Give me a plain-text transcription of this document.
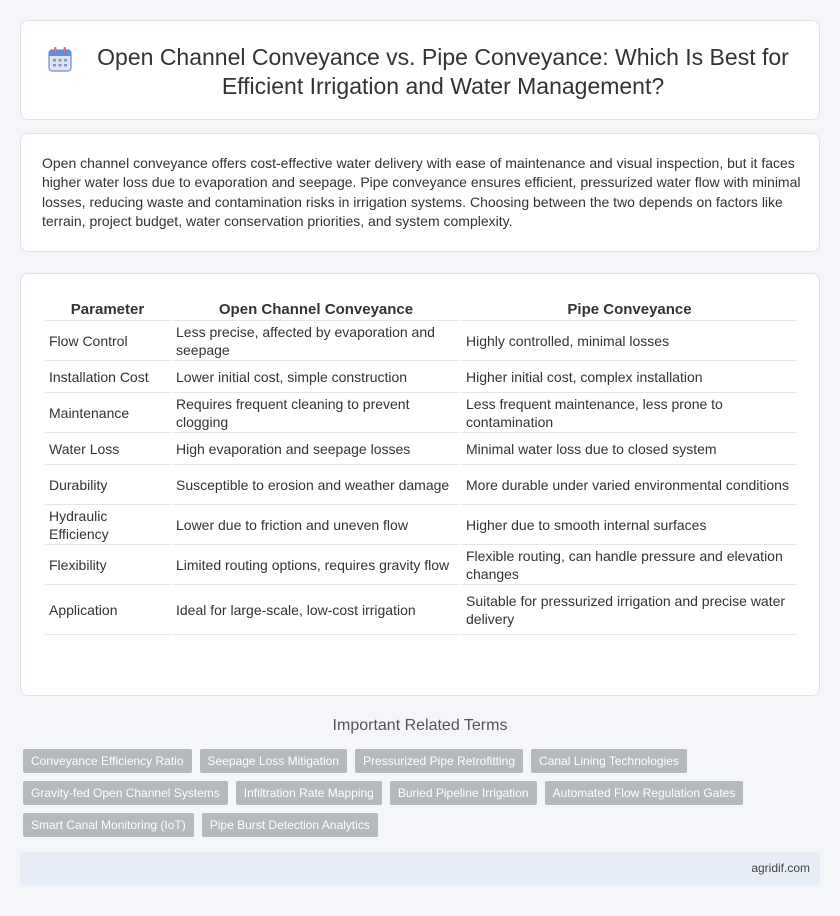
Open Channel Conveyance vs. Pipe Conveyance: Which Is Best for Efficient Irrigation and Water Management?

Open channel conveyance offers cost-effective water delivery with ease of maintenance and visual inspection, but it faces higher water loss due to evaporation and seepage. Pipe conveyance ensures efficient, pressurized water flow with minimal losses, reducing waste and contamination risks in irrigation systems. Choosing between the two depends on factors like terrain, project budget, water conservation priorities, and system complexity.

Parameter	Open Channel Conveyance	Pipe Conveyance
Flow Control	Less precise, affected by evaporation and seepage	Highly controlled, minimal losses
Installation Cost	Lower initial cost, simple construction	Higher initial cost, complex installation
Maintenance	Requires frequent cleaning to prevent clogging	Less frequent maintenance, less prone to contamination
Water Loss	High evaporation and seepage losses	Minimal water loss due to closed system
Durability	Susceptible to erosion and weather damage	More durable under varied environmental conditions
Hydraulic Efficiency	Lower due to friction and uneven flow	Higher due to smooth internal surfaces
Flexibility	Limited routing options, requires gravity flow	Flexible routing, can handle pressure and elevation changes
Application	Ideal for large-scale, low-cost irrigation	Suitable for pressurized irrigation and precise water delivery
Important Related Terms
Conveyance Efficiency Ratio	Seepage Loss Mitigation	Pressurized Pipe Retrofitting	Canal Lining Technologies
Gravity-fed Open Channel Systems	Infiltration Rate Mapping	Buried Pipeline Irrigation	Automated Flow Regulation Gates
Smart Canal Monitoring (IoT)	Pipe Burst Detection Analytics
agridif.com
